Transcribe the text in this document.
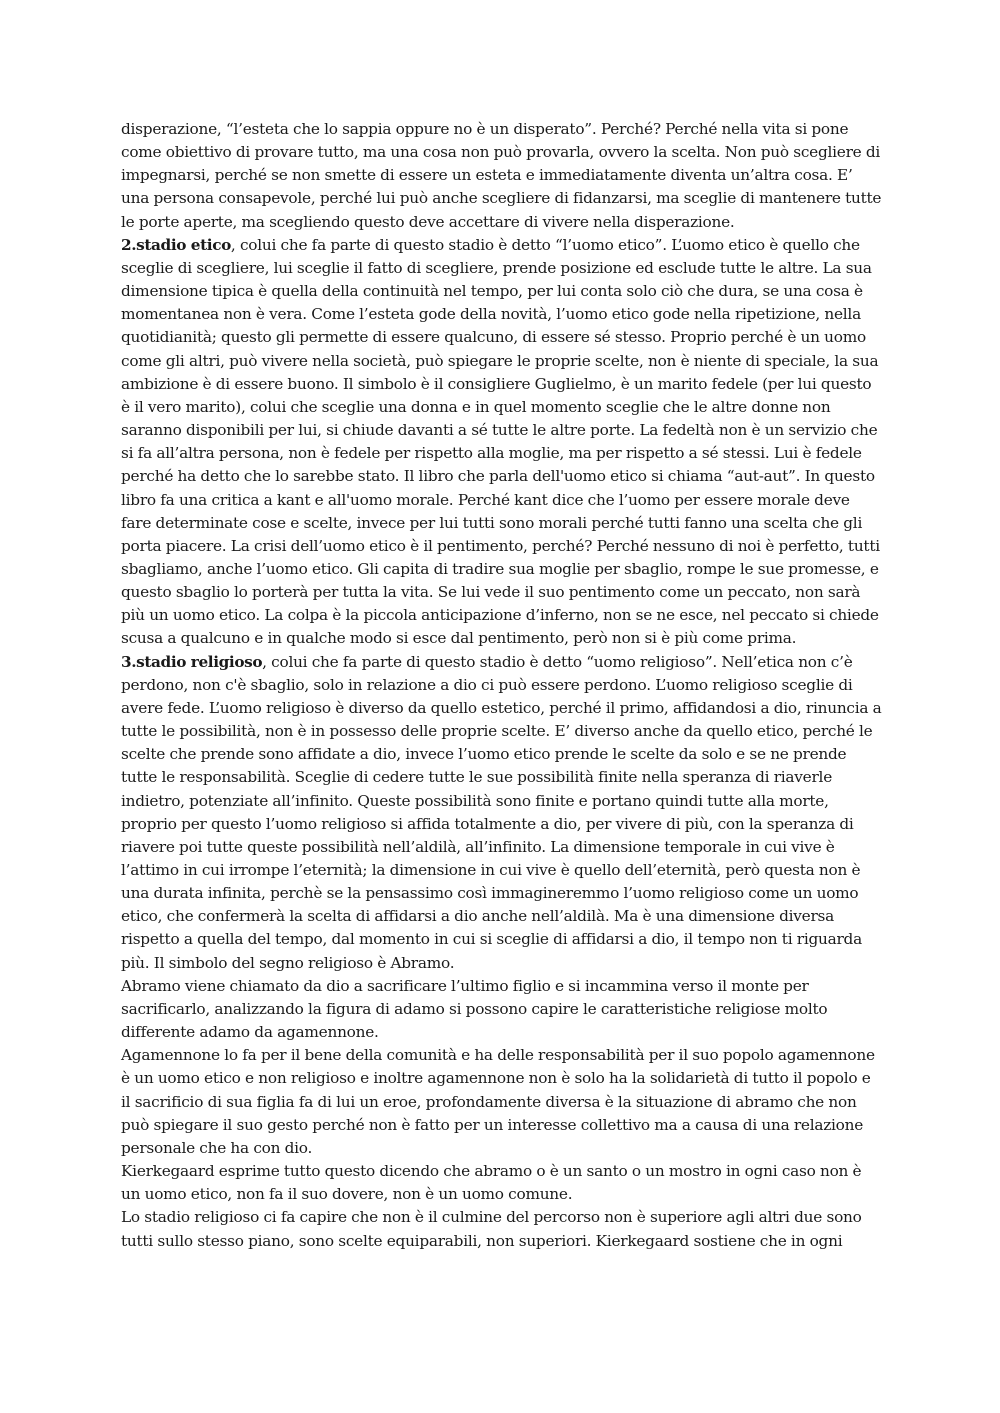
disperazione, “l’esteta che lo sappia oppure no è un disperato”. Perché? Perché nella vita si pone come obiettivo di provare tutto, ma una cosa non può provarla, ovvero la scelta. Non può scegliere di impegnarsi, perché se non smette di essere un esteta e immediatamente diventa un’altra cosa. E’ una persona consapevole, perché lui può anche scegliere di fidanzarsi, ma sceglie di mantenere tutte le porte aperte, ma scegliendo questo deve accettare di vivere nella disperazione.

2.stadio etico, colui che fa parte di questo stadio è detto “l’uomo etico”. L’uomo etico è quello che sceglie di scegliere, lui sceglie il fatto di scegliere, prende posizione ed esclude tutte le altre. La sua dimensione tipica è quella della continuità nel tempo, per lui conta solo ciò che dura, se una cosa è momentanea non è vera. Come l’esteta gode della novità, l’uomo etico gode nella ripetizione, nella quotidianità; questo gli permette di essere qualcuno, di essere sé stesso. Proprio perché è un uomo come gli altri, può vivere nella società, può spiegare le proprie scelte, non è niente di speciale, la sua ambizione è di essere buono. Il simbolo è il consigliere Guglielmo, è un marito fedele (per lui questo è il vero marito), colui che sceglie una donna e in quel momento sceglie che le altre donne non saranno disponibili per lui, si chiude davanti a sé tutte le altre porte. La fedeltà non è un servizio che si fa all’altra persona, non è fedele per rispetto alla moglie, ma per rispetto a sé stessi. Lui è fedele perché ha detto che lo sarebbe stato. Il libro che parla dell'uomo etico si chiama “aut-aut”. In questo libro fa una critica a kant e all'uomo morale. Perché kant dice che l’uomo per essere morale deve fare determinate cose e scelte, invece per lui tutti sono morali perché tutti fanno una scelta che gli porta piacere. La crisi dell’uomo etico è il pentimento, perché? Perché nessuno di noi è perfetto, tutti sbagliamo, anche l’uomo etico. Gli capita di tradire sua moglie per sbaglio, rompe le sue promesse, e questo sbaglio lo porterà per tutta la vita. Se lui vede il suo pentimento come un peccato, non sarà più un uomo etico. La colpa è la piccola anticipazione d’inferno, non se ne esce, nel peccato si chiede scusa a qualcuno e in qualche modo si esce dal pentimento, però non si è più come prima.

3.stadio religioso, colui che fa parte di questo stadio è detto “uomo religioso”. Nell’etica non c’è perdono, non c'è sbaglio, solo in relazione a dio ci può essere perdono. L’uomo religioso sceglie di avere fede. L’uomo religioso è diverso da quello estetico, perché il primo, affidandosi a dio, rinuncia a tutte le possibilità, non è in possesso delle proprie scelte. E’ diverso anche da quello etico, perché le scelte che prende sono affidate a dio, invece l’uomo etico prende le scelte da solo e se ne prende tutte le responsabilità. Sceglie di cedere tutte le sue possibilità finite nella speranza di riaverle indietro, potenziate all’infinito. Queste possibilità sono finite e portano quindi tutte alla morte, proprio per questo l’uomo religioso si affida totalmente a dio, per vivere di più, con la speranza di riavere poi tutte queste possibilità nell’aldilà, all’infinito. La dimensione temporale in cui vive è l’attimo in cui irrompe l’eternità; la dimensione in cui vive è quello dell’eternità, però questa non è una durata infinita, perchè se la pensassimo così immagineremmo l’uomo religioso come un uomo etico, che confermerà la scelta di affidarsi a dio anche nell’aldilà. Ma è una dimensione diversa rispetto a quella del tempo, dal momento in cui si sceglie di affidarsi a dio, il tempo non ti riguarda più. Il simbolo del segno religioso è Abramo.

Abramo viene chiamato da dio a sacrificare l’ultimo figlio e si incammina verso il monte per sacrificarlo, analizzando la figura di adamo si possono capire le caratteristiche religiose molto differente adamo da agamennone.

Agamennone lo fa per il bene della comunità e ha delle responsabilità per il suo popolo agamennone è un uomo etico e non religioso e inoltre agamennone non è solo ha la solidarietà di tutto il popolo e il sacrificio di sua figlia fa di lui un eroe, profondamente diversa è la situazione di abramo che non può spiegare il suo gesto perché non è fatto per un interesse collettivo ma a causa di una relazione personale che ha con dio.

Kierkegaard esprime tutto questo dicendo che abramo o è un santo o un mostro in ogni caso non è un uomo etico, non fa il suo dovere, non è un uomo comune.

Lo stadio religioso ci fa capire che non è il culmine del percorso non è superiore agli altri due sono tutti sullo stesso piano, sono scelte equiparabili, non superiori. Kierkegaard sostiene che in ogni
